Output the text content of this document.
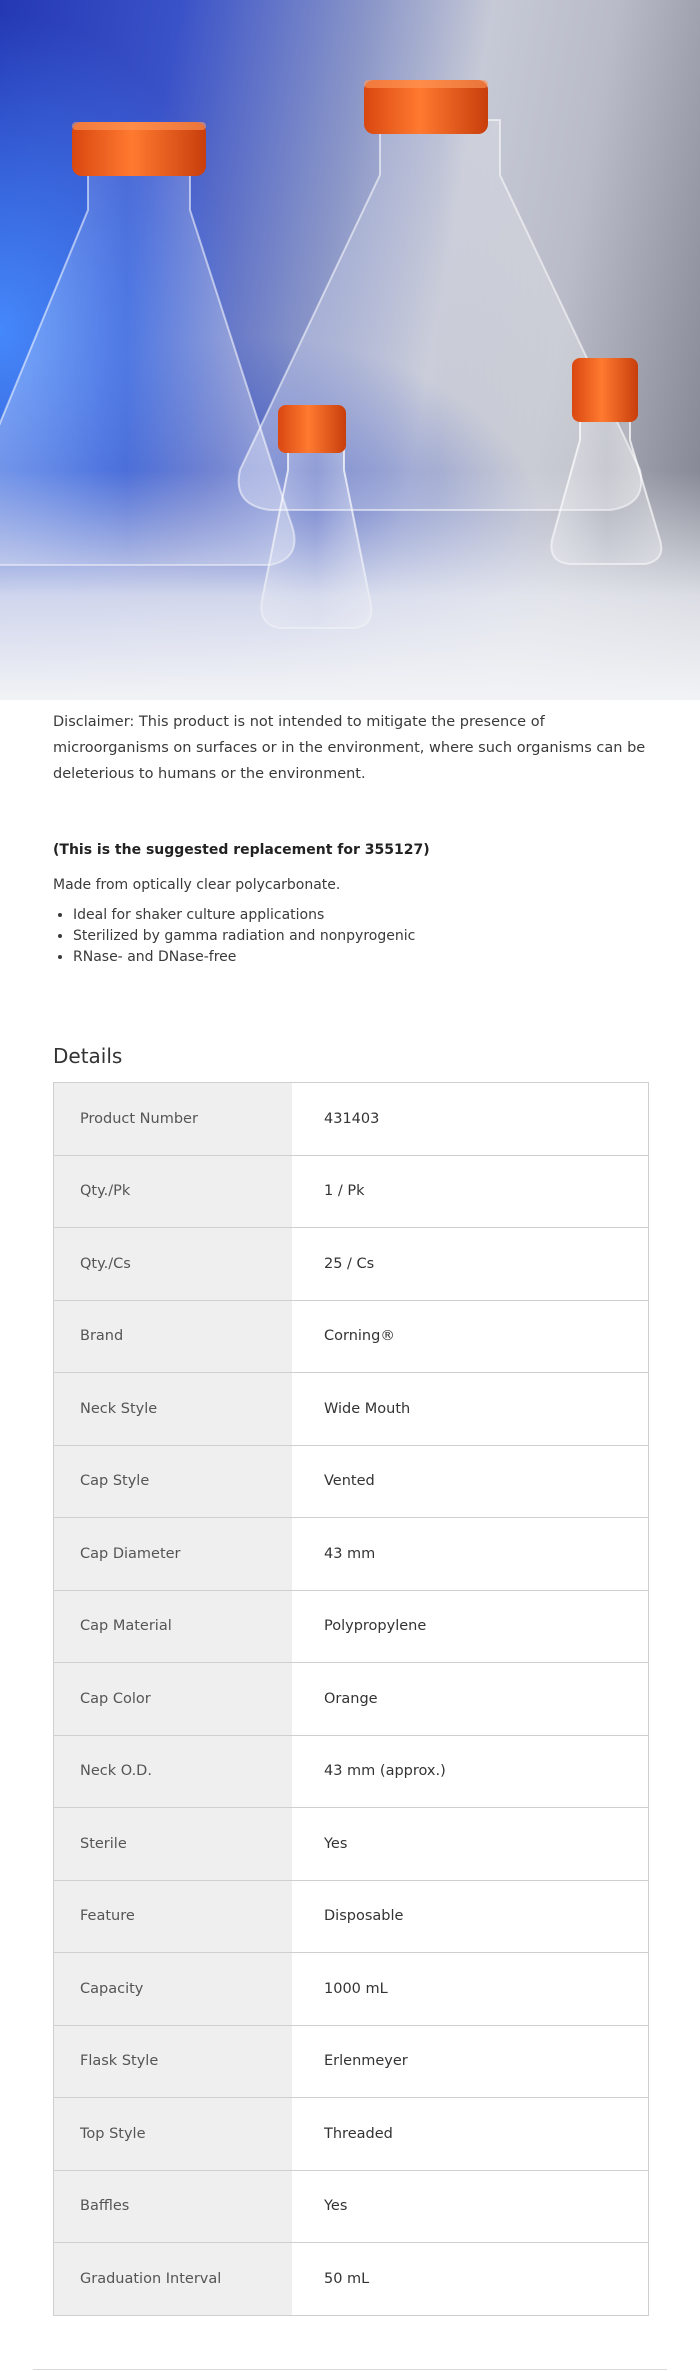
Disclaimer: This product is not intended to mitigate the presence of microorganisms on surfaces or in the environment, where such organisms can be deleterious to humans or the environment.

(This is the suggested replacement for 355127)

Made from optically clear polycarbonate.

• Ideal for shaker culture applications
• Sterilized by gamma radiation and nonpyrogenic
• RNase- and DNase-free
Details
Product Number	431403
Qty./Pk	1 / Pk
Qty./Cs	25 / Cs
Brand	Corning®
Neck Style	Wide Mouth
Cap Style	Vented
Cap Diameter	43 mm
Cap Material	Polypropylene
Cap Color	Orange
Neck O.D.	43 mm (approx.)
Sterile	Yes
Feature	Disposable
Capacity	1000 mL
Flask Style	Erlenmeyer
Top Style	Threaded
Baffles	Yes
Graduation Interval	50 mL
